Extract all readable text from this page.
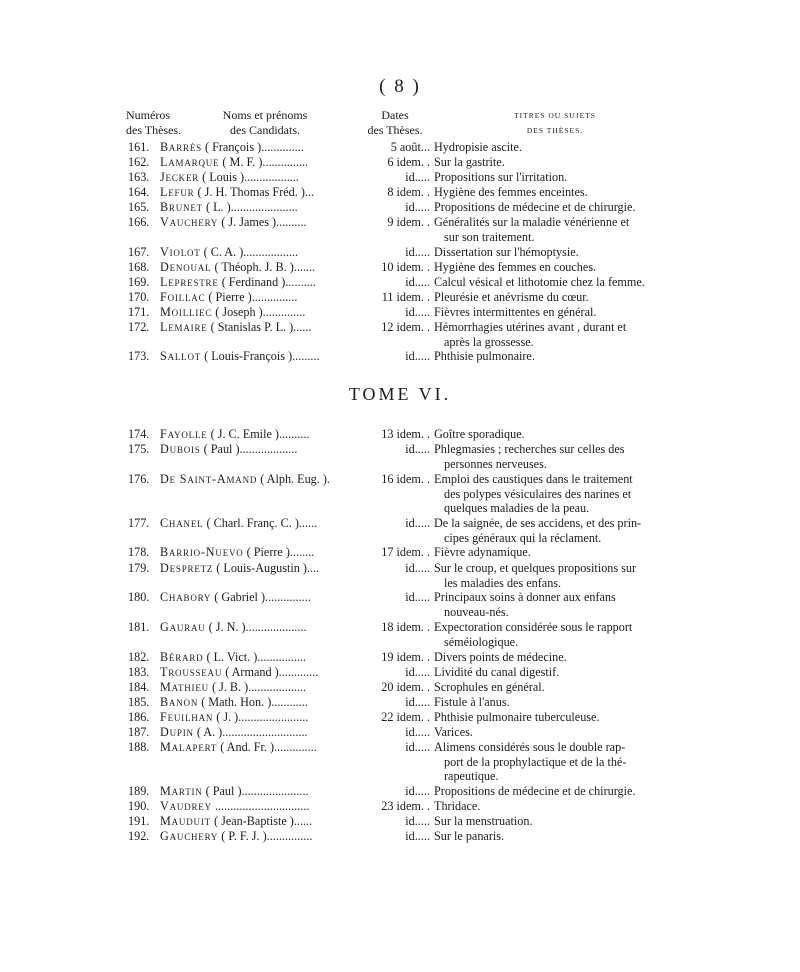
( 8 )
Numéros
des Thèses.
Noms et prénoms
des Candidats.
Dates
des Thèses.
TITRES OU SUJETS
DES THÈSES.
161. Barrès ( François )..............	5 août... Hydropisie ascite.
162. Lamarque ( M. F. )...............	6 idem. . Sur la gastrite.
163. Jecker ( Louis )..................	id..... Propositions sur l'irritation.
164. Lefur ( J. H. Thomas Fréd. )...	8 idem. . Hygiène des femmes enceintes.
165. Brunet ( L. )......................	id..... Propositions de médecine et de chirurgie.
166. Vauchery ( J. James )..........	9 idem. . Généralités sur la maladie vénérienne et
sur son traitement.
167. Violot ( C. A. )..................	id..... Dissertation sur l'hémoptysie.
168. Denoual ( Théoph. J. B. ).......	10 idem. . Hygiène des femmes en couches.
169. Leprestre ( Ferdinand )..........	id..... Calcul vésical et lithotomie chez la femme.
170. Foillac ( Pierre )...............	11 idem. . Pleurésie et anévrisme du cœur.
171. Moilliec ( Joseph )..............	id..... Fièvres intermittentes en général.
172. Lemaire ( Stanislas P. L. )......	12 idem. . Hémorrhagies utérines avant , durant et
après la grossesse.
173. Sallot ( Louis-François ).........	id..... Phthisie pulmonaire.
TOME VI.
174. Fayolle ( J. C. Emile )..........	13 idem. . Goître sporadique.
175. Dubois ( Paul )...................	id..... Phlegmasies ; recherches sur celles des
personnes nerveuses.
176. De Saint-Amand ( Alph. Eug. ).	16 idem. . Emploi des caustiques dans le traitement
des polypes vésiculaires des narines et
quelques maladies de la peau.
177. Chanel ( Charl. Franç. C. )......	id..... De la saignée, de ses accidens, et des prin-
cipes généraux qui la réclament.
178. Barrio-Nuevo ( Pierre )........	17 idem. . Fièvre adynamique.
179. Despretz ( Louis-Augustin )....	id..... Sur le croup, et quelques propositions sur
les maladies des enfans.
180. Chabory ( Gabriel )...............	id..... Principaux soins à donner aux enfans
nouveau-nés.
181. Gaurau ( J. N. )....................	18 idem. . Expectoration considérée sous le rapport
séméiologique.
182. Bérard ( L. Vict. )................	19 idem. . Divers points de médecine.
183. Trousseau ( Armand ).............	id..... Lividité du canal digestif.
184. Mathieu ( J. B. )...................	20 idem. . Scrophules en général.
185. Banon ( Math. Hon. )............	id..... Fistule à l'anus.
186. Feuilhan ( J. ).......................	22 idem. . Phthisie pulmonaire tuberculeuse.
187. Dupin ( A. )............................	id..... Varices.
188. Malapert ( And. Fr. )..............	id..... Alimens considérés sous le double rap-
port de la prophylactique et de la thé-
rapeutique.
189. Martin ( Paul )......................	id..... Propositions de médecine et de chirurgie.
190. Vaudrey ...............................	23 idem. . Thridace.
191. Mauduit ( Jean-Baptiste )......	id..... Sur la menstruation.
192. Gauchery ( P. F. J. )...............	id..... Sur le panaris.
